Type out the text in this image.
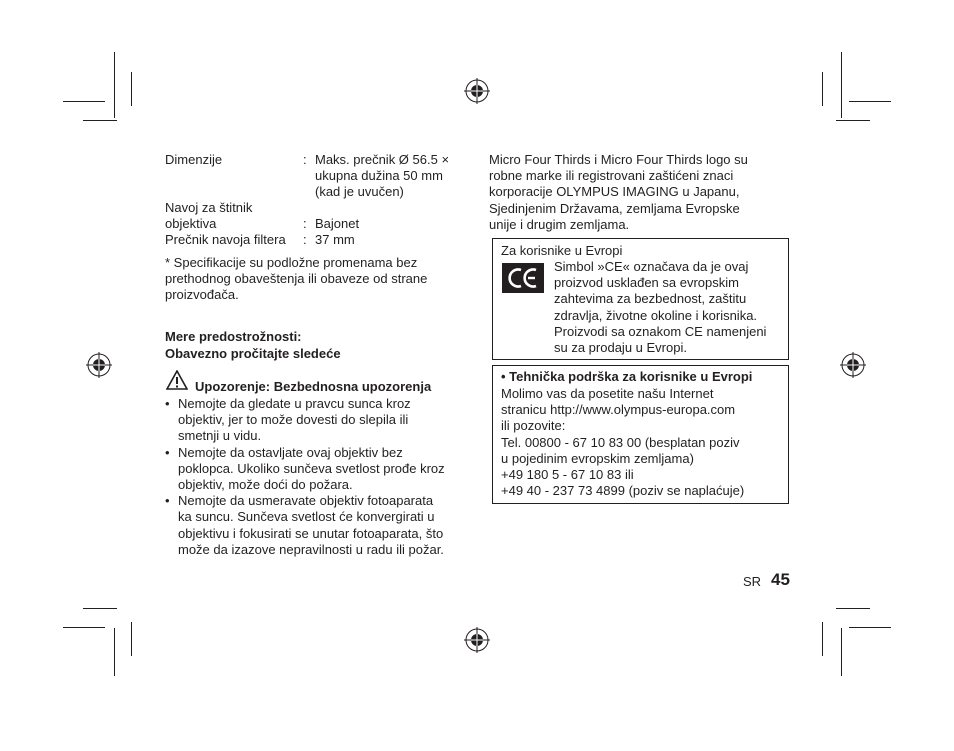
Dimenzije	: Maks. prečnik Ø 56.5 ×
ukupna dužina 50 mm
(kad je uvučen)
Navoj za štitnik
objektiva	: Bajonet
Prečnik navoja filtera : 37 mm
* Specifikacije su podložne promenama bez
prethodnog obaveštenja ili obaveze od strane
proizvođača.
Mere predostrožnosti:
Obavezno pročitajte sledeće
Upozorenje: Bezbednosna upozorenja
• Nemojte da gledate u pravcu sunca kroz
objektiv, jer to može dovesti do slepila ili
smetnji u vidu.
• Nemojte da ostavljate ovaj objektiv bez
poklopca. Ukoliko sunčeva svetlost prođe kroz
objektiv, može doći do požara.
• Nemojte da usmeravate objektiv fotoaparata
ka suncu. Sunčeva svetlost će konvergirati u
objektivu i fokusirati se unutar fotoaparata, što
može da izazove nepravilnosti u radu ili požar.
Micro Four Thirds i Micro Four Thirds logo su
robne marke ili registrovani zaštićeni znaci
korporacije OLYMPUS IMAGING u Japanu,
Sjedinjenim Državama, zemljama Evropske
unije i drugim zemljama.
Za korisnike u Evropi
Simbol »CE« označava da je ovaj
proizvod usklađen sa evropskim
zahtevima za bezbednost, zaštitu
zdravlja, životne okoline i korisnika.
Proizvodi sa oznakom CE namenjeni
su za prodaju u Evropi.
• Tehnička podrška za korisnike u Evropi
Molimo vas da posetite našu Internet
stranicu http://www.olympus-europa.com
ili pozovite:
Tel. 00800 - 67 10 83 00 (besplatan poziv
u pojedinim evropskim zemljama)
+49 180 5 - 67 10 83 ili
+49 40 - 237 73 4899 (poziv se naplaćuje)
SR 45
